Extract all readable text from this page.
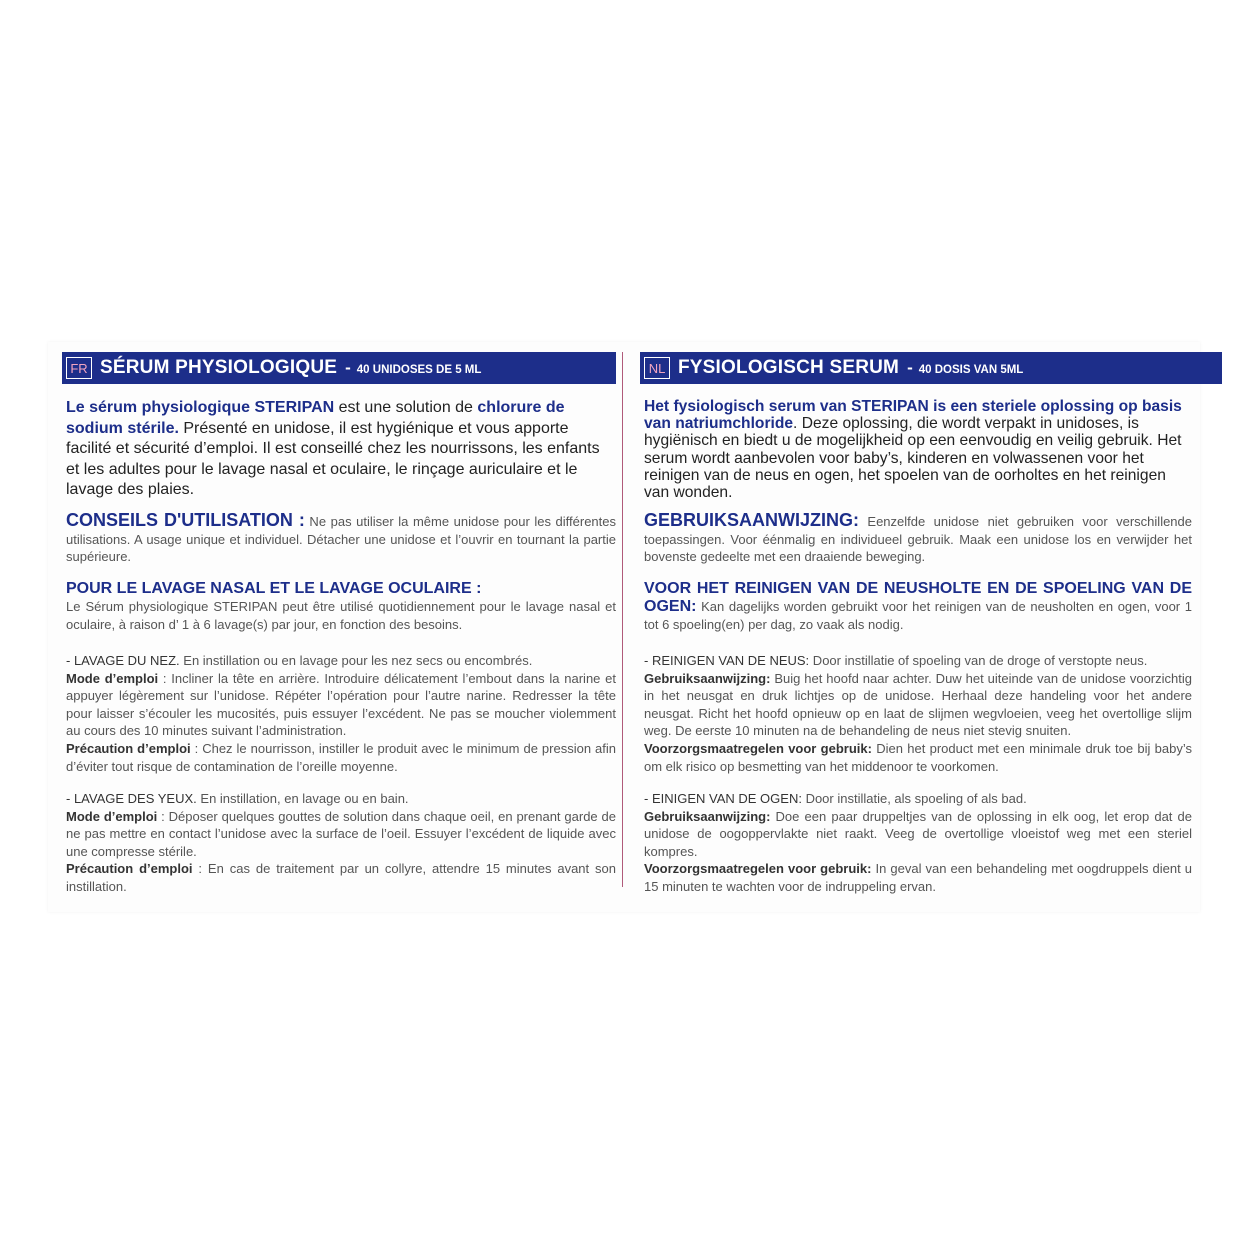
FR SÉRUM PHYSIOLOGIQUE - 40 UNIDOSES DE 5 ML
Le sérum physiologique STERIPAN est une solution de chlorure de sodium stérile. Présenté en unidose, il est hygiénique et vous apporte facilité et sécurité d’emploi. Il est conseillé chez les nourrissons, les enfants et les adultes pour le lavage nasal et oculaire, le rinçage auriculaire et le lavage des plaies.
CONSEILS D'UTILISATION : Ne pas utiliser la même unidose pour les différentes utilisations. A usage unique et individuel. Détacher une unidose et l’ouvrir en tournant la partie supérieure.
POUR LE LAVAGE NASAL ET LE LAVAGE OCULAIRE :
Le Sérum physiologique STERIPAN peut être utilisé quotidiennement pour le lavage nasal et oculaire, à raison d’ 1 à 6 lavage(s) par jour, en fonction des besoins.
- LAVAGE DU NEZ. En instillation ou en lavage pour les nez secs ou encombrés.
Mode d’emploi : Incliner la tête en arrière. Introduire délicatement l’embout dans la narine et appuyer légèrement sur l’unidose. Répéter l’opération pour l’autre narine. Redresser la tête pour laisser s’écouler les mucosités, puis essuyer l’excédent. Ne pas se moucher violemment au cours des 10 minutes suivant l’administration.
Précaution d’emploi : Chez le nourrisson, instiller le produit avec le minimum de pression afin d’éviter tout risque de contamination de l’oreille moyenne.
- LAVAGE DES YEUX. En instillation, en lavage ou en bain.
Mode d’emploi : Déposer quelques gouttes de solution dans chaque oeil, en prenant garde de ne pas mettre en contact l’unidose avec la surface de l’oeil. Essuyer l’excédent de liquide avec une compresse stérile.
Précaution d’emploi : En cas de traitement par un collyre, attendre 15 minutes avant son instillation.
NL FYSIOLOGISCH SERUM - 40 DOSIS VAN 5ML
Het fysiologisch serum van STERIPAN is een steriele oplossing op basis van natriumchloride. Deze oplossing, die wordt verpakt in unidoses, is hygiënisch en biedt u de mogelijkheid op een eenvoudig en veilig gebruik. Het serum wordt aanbevolen voor baby’s, kinderen en volwassenen voor het reinigen van de neus en ogen, het spoelen van de oorholtes en het reinigen van wonden.
GEBRUIKSAANWIJZING: Eenzelfde unidose niet gebruiken voor verschillende toepassingen. Voor éénmalig en individueel gebruik. Maak een unidose los en verwijder het bovenste gedeelte met een draaiende beweging.
VOOR HET REINIGEN VAN DE NEUSHOLTE EN DE SPOELING VAN DE OGEN: Kan dagelijks worden gebruikt voor het reinigen van de neusholten en ogen, voor 1 tot 6 spoeling(en) per dag, zo vaak als nodig.
- REINIGEN VAN DE NEUS: Door instillatie of spoeling van de droge of verstopte neus.
Gebruiksaanwijzing: Buig het hoofd naar achter. Duw het uiteinde van de unidose voorzichtig in het neusgat en druk lichtjes op de unidose. Herhaal deze handeling voor het andere neusgat. Richt het hoofd opnieuw op en laat de slijmen wegvloeien, veeg het overtollige slijm weg. De eerste 10 minuten na de behandeling de neus niet stevig snuiten.
Voorzorgsmaatregelen voor gebruik: Dien het product met een minimale druk toe bij baby’s om elk risico op besmetting van het middenoor te voorkomen.
- EINIGEN VAN DE OGEN: Door instillatie, als spoeling of als bad.
Gebruiksaanwijzing: Doe een paar druppeltjes van de oplossing in elk oog, let erop dat de unidose de oogoppervlakte niet raakt. Veeg de overtollige vloeistof weg met een steriel kompres.
Voorzorgsmaatregelen voor gebruik: In geval van een behandeling met oogdruppels dient u 15 minuten te wachten voor de indruppeling ervan.
